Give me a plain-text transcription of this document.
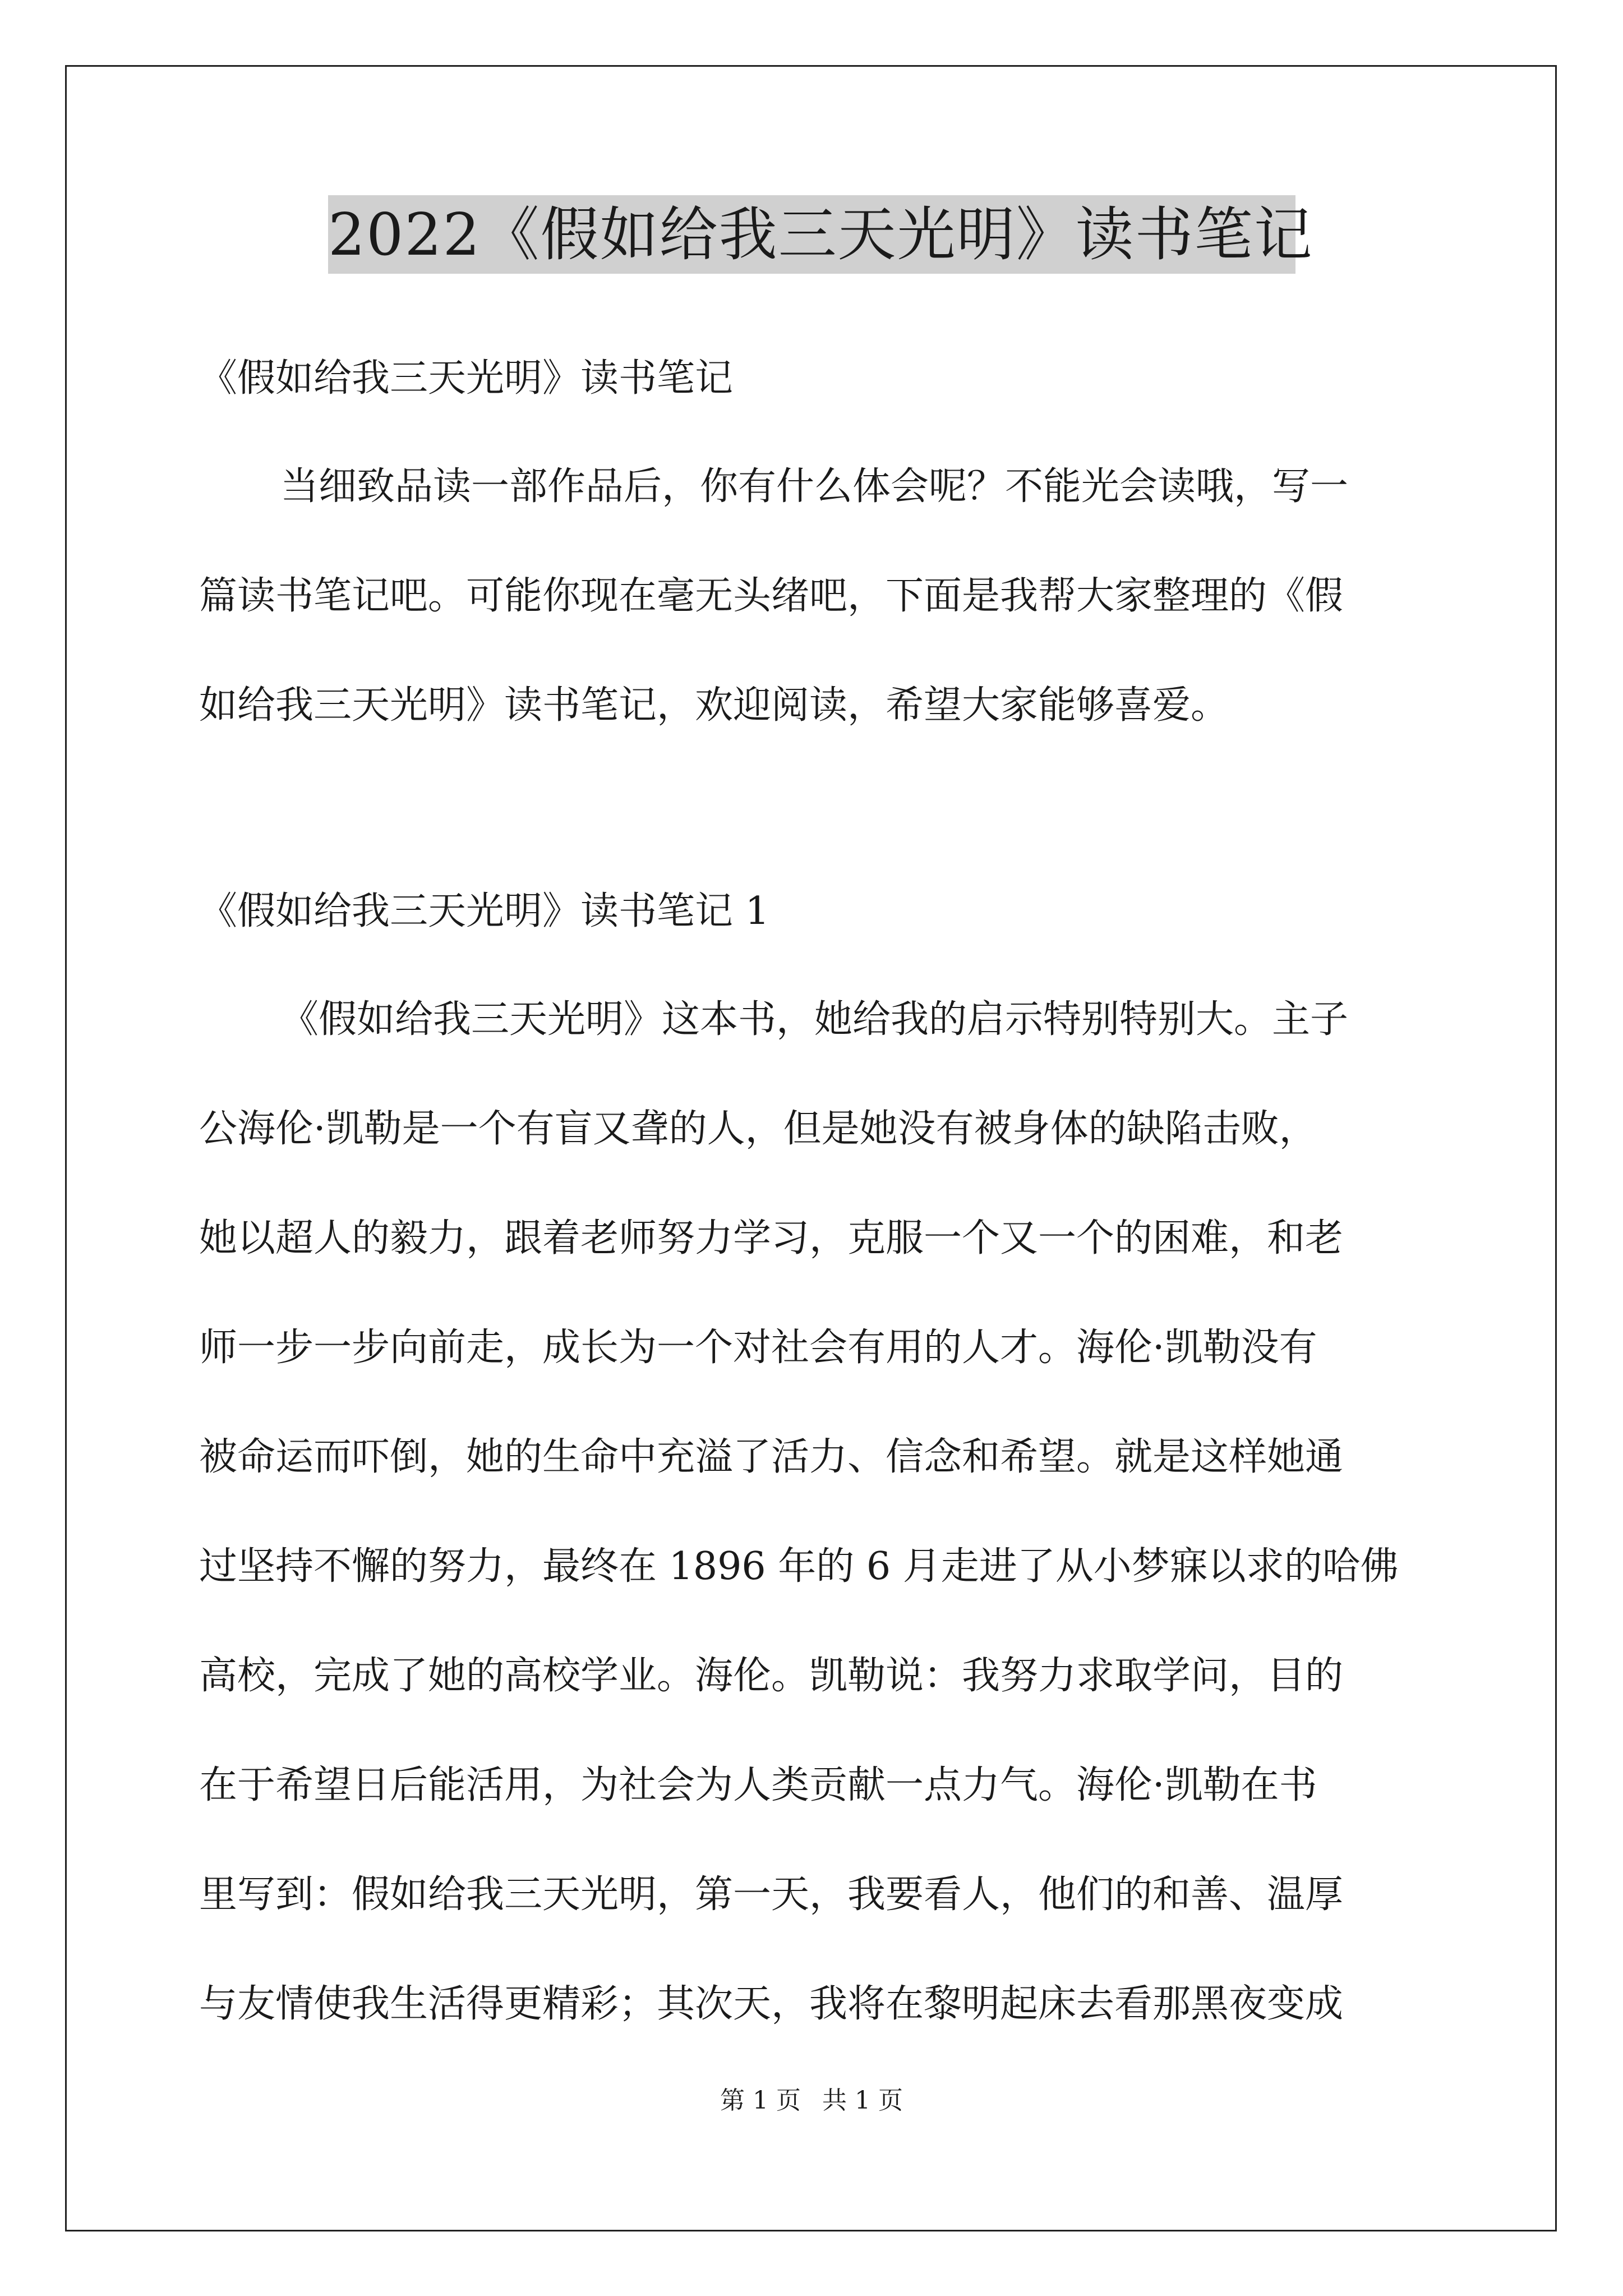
2022《假如给我三天光明》读书笔记
《假如给我三天光明》读书笔记
当细致品读一部作品后，你有什么体会呢？不能光会读哦，写一
篇读书笔记吧。可能你现在毫无头绪吧，下面是我帮大家整理的《假
如给我三天光明》读书笔记，欢迎阅读，希望大家能够喜爱。
《假如给我三天光明》读书笔记 1
《假如给我三天光明》这本书，她给我的启示特别特别大。主子
公海伦·凯勒是一个有盲又聋的人，但是她没有被身体的缺陷击败，
她以超人的毅力，跟着老师努力学习，克服一个又一个的困难，和老
师一步一步向前走，成长为一个对社会有用的人才。海伦·凯勒没有
被命运而吓倒，她的生命中充溢了活力、信念和希望。就是这样她通
过坚持不懈的努力，最终在 1896 年的 6 月走进了从小梦寐以求的哈佛
高校，完成了她的高校学业。海伦。凯勒说：我努力求取学问，目的
在于希望日后能活用，为社会为人类贡献一点力气。海伦·凯勒在书
里写到：假如给我三天光明，第一天，我要看人，他们的和善、温厚
与友情使我生活得更精彩；其次天，我将在黎明起床去看那黑夜变成
第 1 页 共 1 页
